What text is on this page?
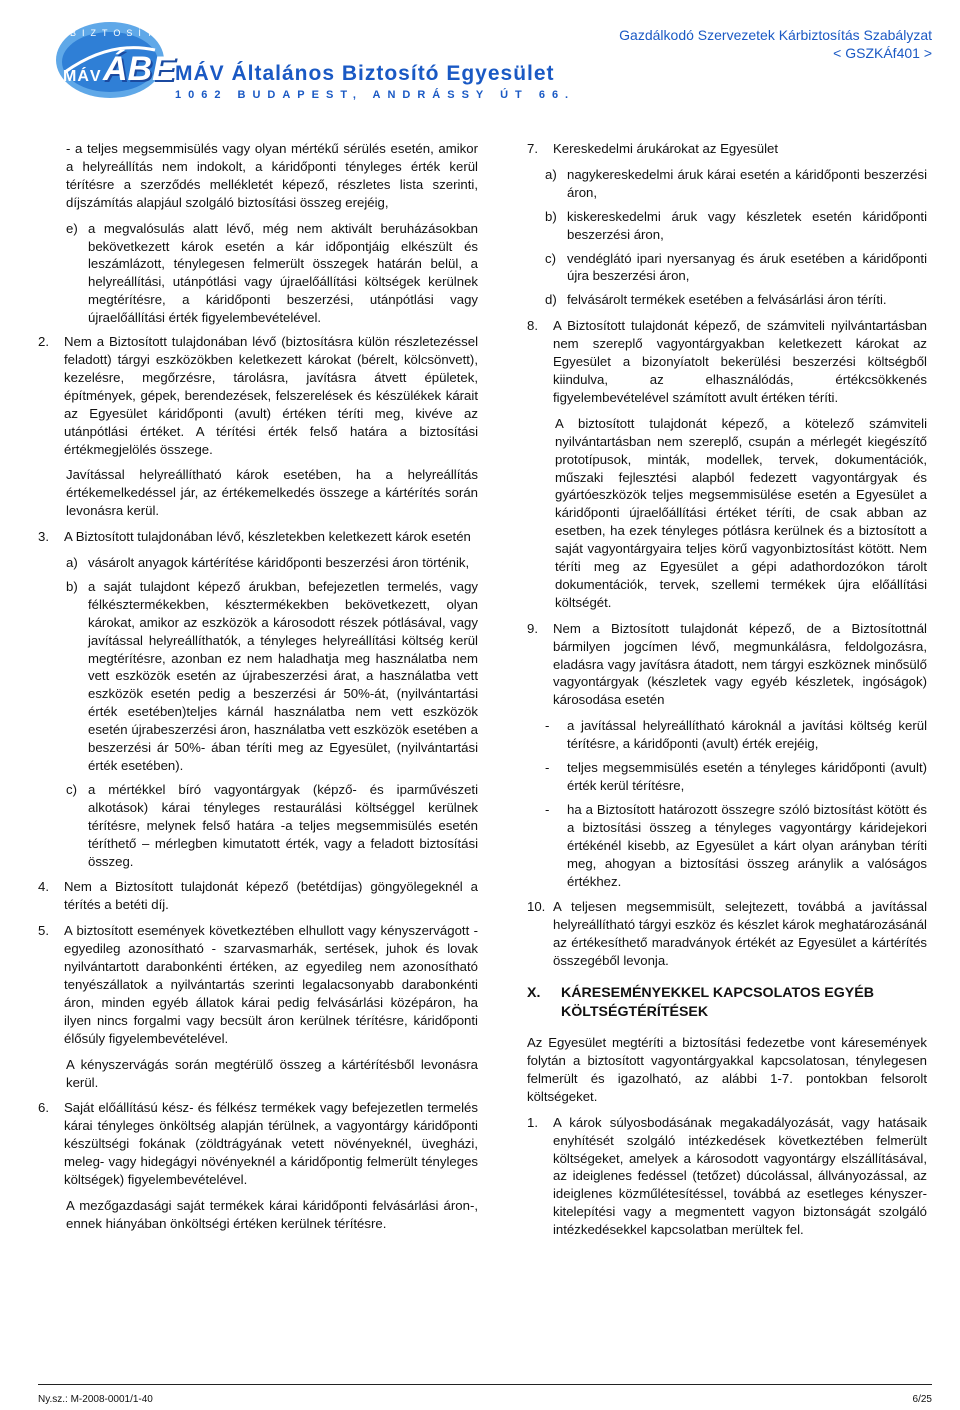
BIZTOSÍTÓ
MÁV ÁBE MÁV Általános Biztosító Egyesület
1062 BUDAPEST, ANDRÁSSY ÚT 66.
Gazdálkodó Szervezetek Kárbiztosítás Szabályzat
< GSZKÁf401 >

- a teljes megsemmisülés vagy olyan mértékű sérülés esetén, amikor a helyreállítás nem indokolt, a káridőponti tényleges érték kerül térítésre a szerződés mellékletét képező, részletes lista szerinti, díjszámítás alapjául szolgáló biztosítási összeg erejéig,

e) a megvalósulás alatt lévő, még nem aktivált beruházásokban bekövetkezett károk esetén a kár időpontjáig elkészült és leszámlázott, ténylegesen felmerült összegek határán belül, a helyreállítási, utánpótlási vagy újraelőállítási költségek kerülnek megtérítésre, a káridőponti beszerzési, utánpótlási vagy újraelőállítási érték figyelembevételével.
2.	Nem a Biztosított tulajdonában lévő (biztosításra külön részletezéssel feladott) tárgyi eszközökben keletkezett károkat (bérelt, kölcsönvett), kezelésre, megőrzésre, tárolásra, javításra átvett épületek, építmények, gépek, berendezések, felszerelések és készülékek kárait az Egyesület káridőponti (avult) értéken téríti meg, kivéve az utánpótlási értéket. A térítési érték felső határa a biztosítási értékmegjelölés összege.

Javítással helyreállítható károk esetében, ha a helyreállítás értékemelkedéssel jár, az értékemelkedés összege a kártérítés során levonásra kerül.

3.	A Biztosított tulajdonában lévő, készletekben keletkezett károk esetén
a) vásárolt anyagok kártérítése káridőponti beszerzési áron történik,
b) a saját tulajdont képező árukban, befejezetlen termelés, vagy félkésztermékekben, késztermékekben bekövetkezett, olyan károkat, amikor az eszközök a károsodott részek pótlásával, vagy javítással helyreállíthatók, a tényleges helyreállítási költség kerül megtérítésre, azonban ez nem haladhatja meg használatba nem vett eszközök esetén az újrabeszerzési árat, a használatba vett eszközök esetén pedig a beszerzési ár 50%-át, (nyilvántartási érték esetében)teljes kárnál használatba nem vett eszközök esetén újrabeszerzési áron, használatba vett eszközök esetében a beszerzési ár 50%- ában téríti meg az Egyesület, (nyilvántartási érték esetében).
c) a mértékkel bíró vagyontárgyak (képző- és iparművészeti alkotások) kárai tényleges restaurálási költséggel kerülnek térítésre, melynek felső határa -a teljes megsemmisülés esetén téríthető – mérlegben kimutatott érték, vagy a feladott biztosítási összeg.
4.	Nem a Biztosított tulajdonát képező (betétdíjas) göngyölegeknél a térítés a betéti díj.
5.	A biztosított események következtében elhullott vagy kényszervágott - egyedileg azonosítható - szarvasmarhák, sertések, juhok és lovak nyilvántartott darabonkénti értéken, az egyedileg nem azonosítható tenyészállatok a nyilvántartás szerinti legalacsonyabb darabonkénti áron, minden egyéb állatok kárai pedig felvásárlási középáron, ha ilyen nincs forgalmi vagy becsült áron kerülnek térítésre, káridőponti élősúly figyelembevételével.

A kényszervágás során megtérülő összeg a kártérítésből levonásra kerül.

6.	Saját előállítású kész- és félkész termékek vagy befejezetlen termelés kárai tényleges önköltség alapján térülnek, a vagyontárgy káridőponti készültségi fokának (zöldtrágyának vetett növényeknél, üvegházi, meleg- vagy hidegágyi növényeknél a káridőpontig felmerült tényleges költségek) figyelembevételével.

A mezőgazdasági saját termékek kárai káridőponti felvásárlási áron-, ennek hiányában önköltségi értéken kerülnek térítésre.

7.	Kereskedelmi árukárokat az Egyesület
a) nagykereskedelmi áruk kárai esetén a káridőponti beszerzési áron,
b) kiskereskedelmi áruk vagy készletek esetén káridőponti beszerzési áron,
c) vendéglátó ipari nyersanyag és áruk esetében a káridőponti újra beszerzési áron,
d) felvásárolt termékek esetében a felvásárlási áron téríti.
8.	A Biztosított tulajdonát képező, de számviteli nyilvántartásban nem szereplő vagyontárgyakban keletkezett károkat az Egyesület a bizonyíatolt bekerülési beszerzési költségből kiindulva, az elhasználódás, értékcsökkenés figyelembevételével számított avult értéken téríti.

A biztosított tulajdonát képező, a kötelező számviteli nyilvántartásban nem szereplő, csupán a mérlegét kiegészítő prototípusok, minták, modellek, tervek, dokumentációk, műszaki fejlesztési alapból fedezett vagyontárgyak és gyártóeszközök teljes megsemmisülése esetén a Egyesület a káridőponti újraelőállítási értéket téríti, de csak abban az esetben, ha ezek tényleges pótlásra kerülnek és a biztosított a saját vagyontárgyaira teljes körű vagyonbiztosítást kötött. Nem téríti meg az Egyesület a gépi adathordozókon tárolt dokumentációk, tervek, szellemi termékek újra előállítási költségét.

9.	Nem a Biztosított tulajdonát képező, de a Biztosítottnál bármilyen jogcímen lévő, megmunkálásra, feldolgozásra, eladásra vagy javításra átadott, nem tárgyi eszköznek minősülő vagyontárgyak (készletek vagy egyéb készletek, ingóságok) károsodása esetén
-	a javítással helyreállítható károknál a javítási költség kerül térítésre, a káridőponti (avult) érték erejéig,
-	teljes megsemmisülés esetén a tényleges káridőponti (avult) érték kerül térítésre,
-	ha a Biztosított határozott összegre szóló biztosítást kötött és a biztosítási összeg a tényleges vagyontárgy káridejekori értékénél kisebb, az Egyesület a kárt olyan arányban téríti meg, ahogyan a biztosítási összeg aránylik a valóságos értékhez.
10. A teljesen megsemmisült, selejtezett, továbbá a javítással helyreállítható tárgyi eszköz és készlet károk meghatározásánál az értékesíthető maradványok értékét az Egyesület a kártérítés összegéből levonja.
X.	KÁRESEMÉNYEKKEL KAPCSOLATOS EGYÉB KÖLTSÉGTÉRÍTÉSEK

Az Egyesület megtéríti a biztosítási fedezetbe vont káresemények folytán a biztosított vagyontárgyakkal kapcsolatosan, ténylegesen felmerült és igazolható, az alábbi 1-7. pontokban felsorolt költségeket.

1.	A károk súlyosbodásának megakadályozását, vagy hatásaik enyhítését szolgáló intézkedések következtében felmerült költségeket, amelyek a károsodott vagyontárgy elszállításával, az ideiglenes fedéssel (tetőzet) dúcolással, állványozással, az ideiglenes közműlétesítéssel, továbbá az esetleges kényszer-kitelepítési vagy a megmentett vagyon biztonságát szolgáló intézkedésekkel kapcsolatban merültek fel.
Ny.sz.: M-2008-0001/1-40	6/25
